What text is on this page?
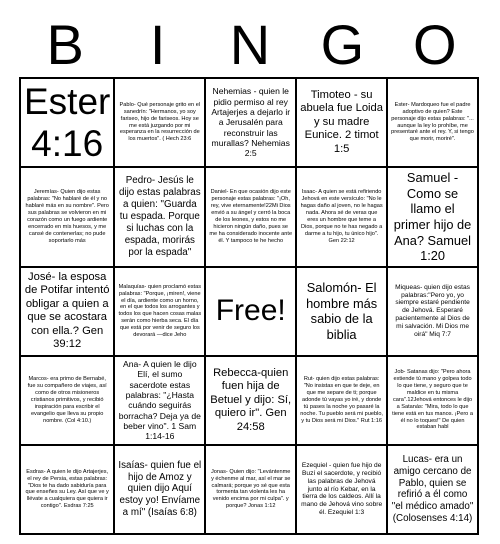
B	I	N G O
Ester 4:16
Pablo- Qué personaje grito en el sanedrín: "Hermanos, yo soy fariseo, hijo de fariseos. Hoy se me está juzgando por mi esperanza en la resurrección de los muertos". ( Hech 23:6
Nehemias - quien le pidio permiso al rey Artajerjes a dejarlo ir a Jerusalén para reconstruir las murallas? Nehemias 2:5
Timoteo - su abuela fue Loida y su madre Eunice. 2 timot 1:5
Ester- Mardoqueo fue el padre adoptivo de quien? Este personaje dijo estas palabras: "... aunque la ley lo prohíbe, me presentaré ante el rey. Y, si tengo que morir, moriré".
Jeremías- Quien dijo estas palabras: "No hablaré de él y no hablaré más en su nombre". Pero sus palabras se volvieron en mi corazón como un fuego ardiente encerrado en mis huesos, y me cansé de contenerlas; no pude soportarlo más
Pedro- Jesús le dijo estas palabras a quien: "Guarda tu espada. Porque si luchas con la espada, morirás por la espada"
Daniel- En que ocasión dijo este personaje estas palabras: "¡Oh, rey, vive eternamente!22Mi Dios envió a su ángel y cerró la boca de los leones, y estos no me hicieron ningún daño, pues se me ha considerado inocente ante él. Y tampoco te he hecho
Isaac- A quien se está refiriendo Jehová en este versículo: "No le hagas daño al joven, no le hagas nada. Ahora sé de veras que eres un hombre que teme a Dios, porque no te has negado a darme a tu hijo, tu único hijo". Gen 22:12
Samuel - Como se llamo el primer hijo de Ana? Samuel 1:20
José- la esposa de Potifar intentó obligar a quien a que se acostara con ella.? Gen 39:12
Malaquías- quien proclamó estas palabras: "Porque, ¡miren!, viene el día, ardiente como un horno, en el que todos los arrogantes y todos los que hacen cosas malas serán como hierba seca. El día que está por venir de seguro los devorará —dice Jeho
Free!
Salomón- El hombre más sabio de la biblia
Miqueas- quien dijo estas palabras:"Pero yo, yo siempre estaré pendiente de Jehová. Esperaré pacientemente al Dios de mi salvación. Mi Dios me oirá" Miq 7:7
Marcos- era primo de Bernabé, fue su compañero de viajes, así como de otros misioneros cristianos primitivos, y recibió inspiración para escribir el evangelio que lleva su propio nombre. (Col 4:10.)
Ana- A quien le dijo Elí, el sumo sacerdote estas palabras: "¿Hasta cuándo seguirás borracha? Deja ya de beber vino". 1 Sam 1:14-16
Rebecca-quien fuen hija de Betuel y dijo: Sí, quiero ir". Gen 24:58
Rut- quien dijo estas palabras: "No insistas en que te deje, en que me separe de ti; porque adonde tú vayas yo iré, y donde tú pases la noche yo pasaré la noche. Tu pueblo será mi pueblo, y tu Dios será mi Dios." Rut 1:16
Job- Satanas dijo: "Pero ahora extiende tú mano y golpea todo lo que tiene, y seguro que te maldice en tu misma cara".12Jehová entonces le dijo a Satanás: "Mira, todo lo que tiene está en tus manos. ¡Pero a él no lo toques!" De quien estaban habl
Esdras- A quien le dijo Artajerjes, el rey de Persia, estas palabras: "Dios te ha dado sabiduría para que enseñes su Ley. Así que ve y llévate a cualquiera que quiera ir contigo". Esdras 7:25
Isaías- quien fue el hijo de Amoz y quien dijo Aquí estoy yo! Envíame a mí" (Isaías 6:8)
Jonas- Quien dijo: "Levántenme y échenme al mar, así el mar se calmará; porque yo sé que esta tormenta tan violenta les ha venido encima por mi culpa". y porque? Jonas 1:12
Ezequiel - quien fue hijo de Buzí el sacerdote, y recibió las palabras de Jehová junto al río Kebar, en la tierra de los caldeos. Allí la mano de Jehová vino sobre él. Ezequiel 1:3
Lucas- era un amigo cercano de Pablo, quien se refirió a él como "el médico amado" (Colosenses 4:14)
